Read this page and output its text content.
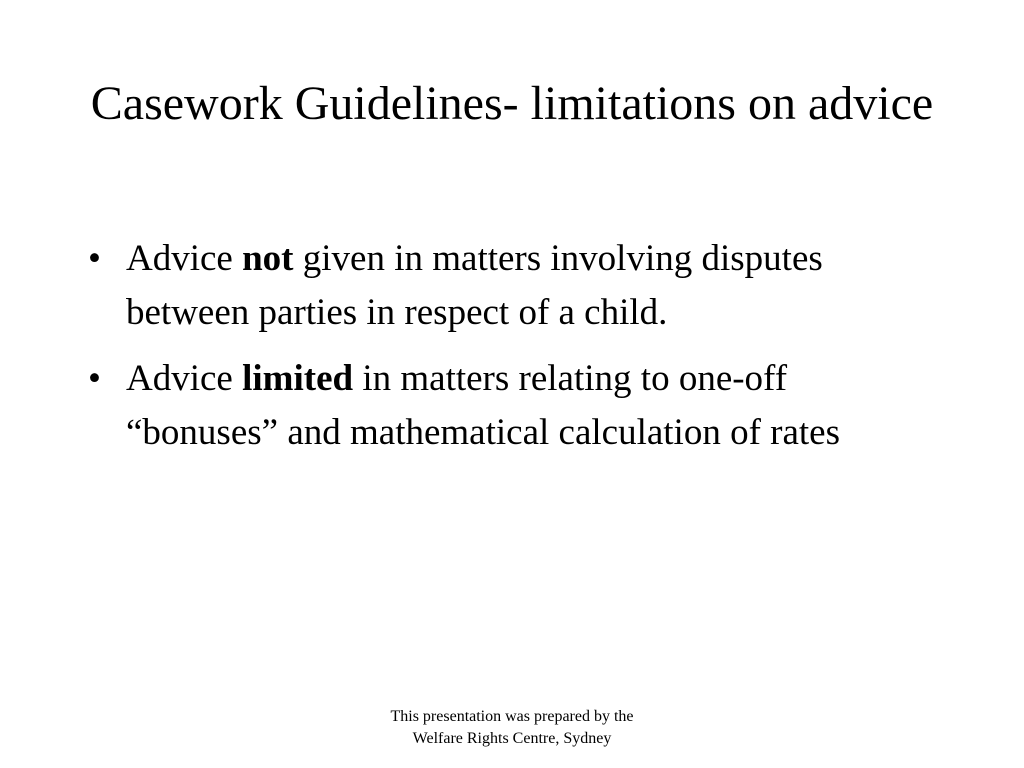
Casework Guidelines- limitations on advice
• Advice not given in matters involving disputes between parties in respect of a child.
• Advice limited in matters relating to one-off “bonuses” and mathematical calculation of rates
This presentation was prepared by the
Welfare Rights Centre, Sydney
